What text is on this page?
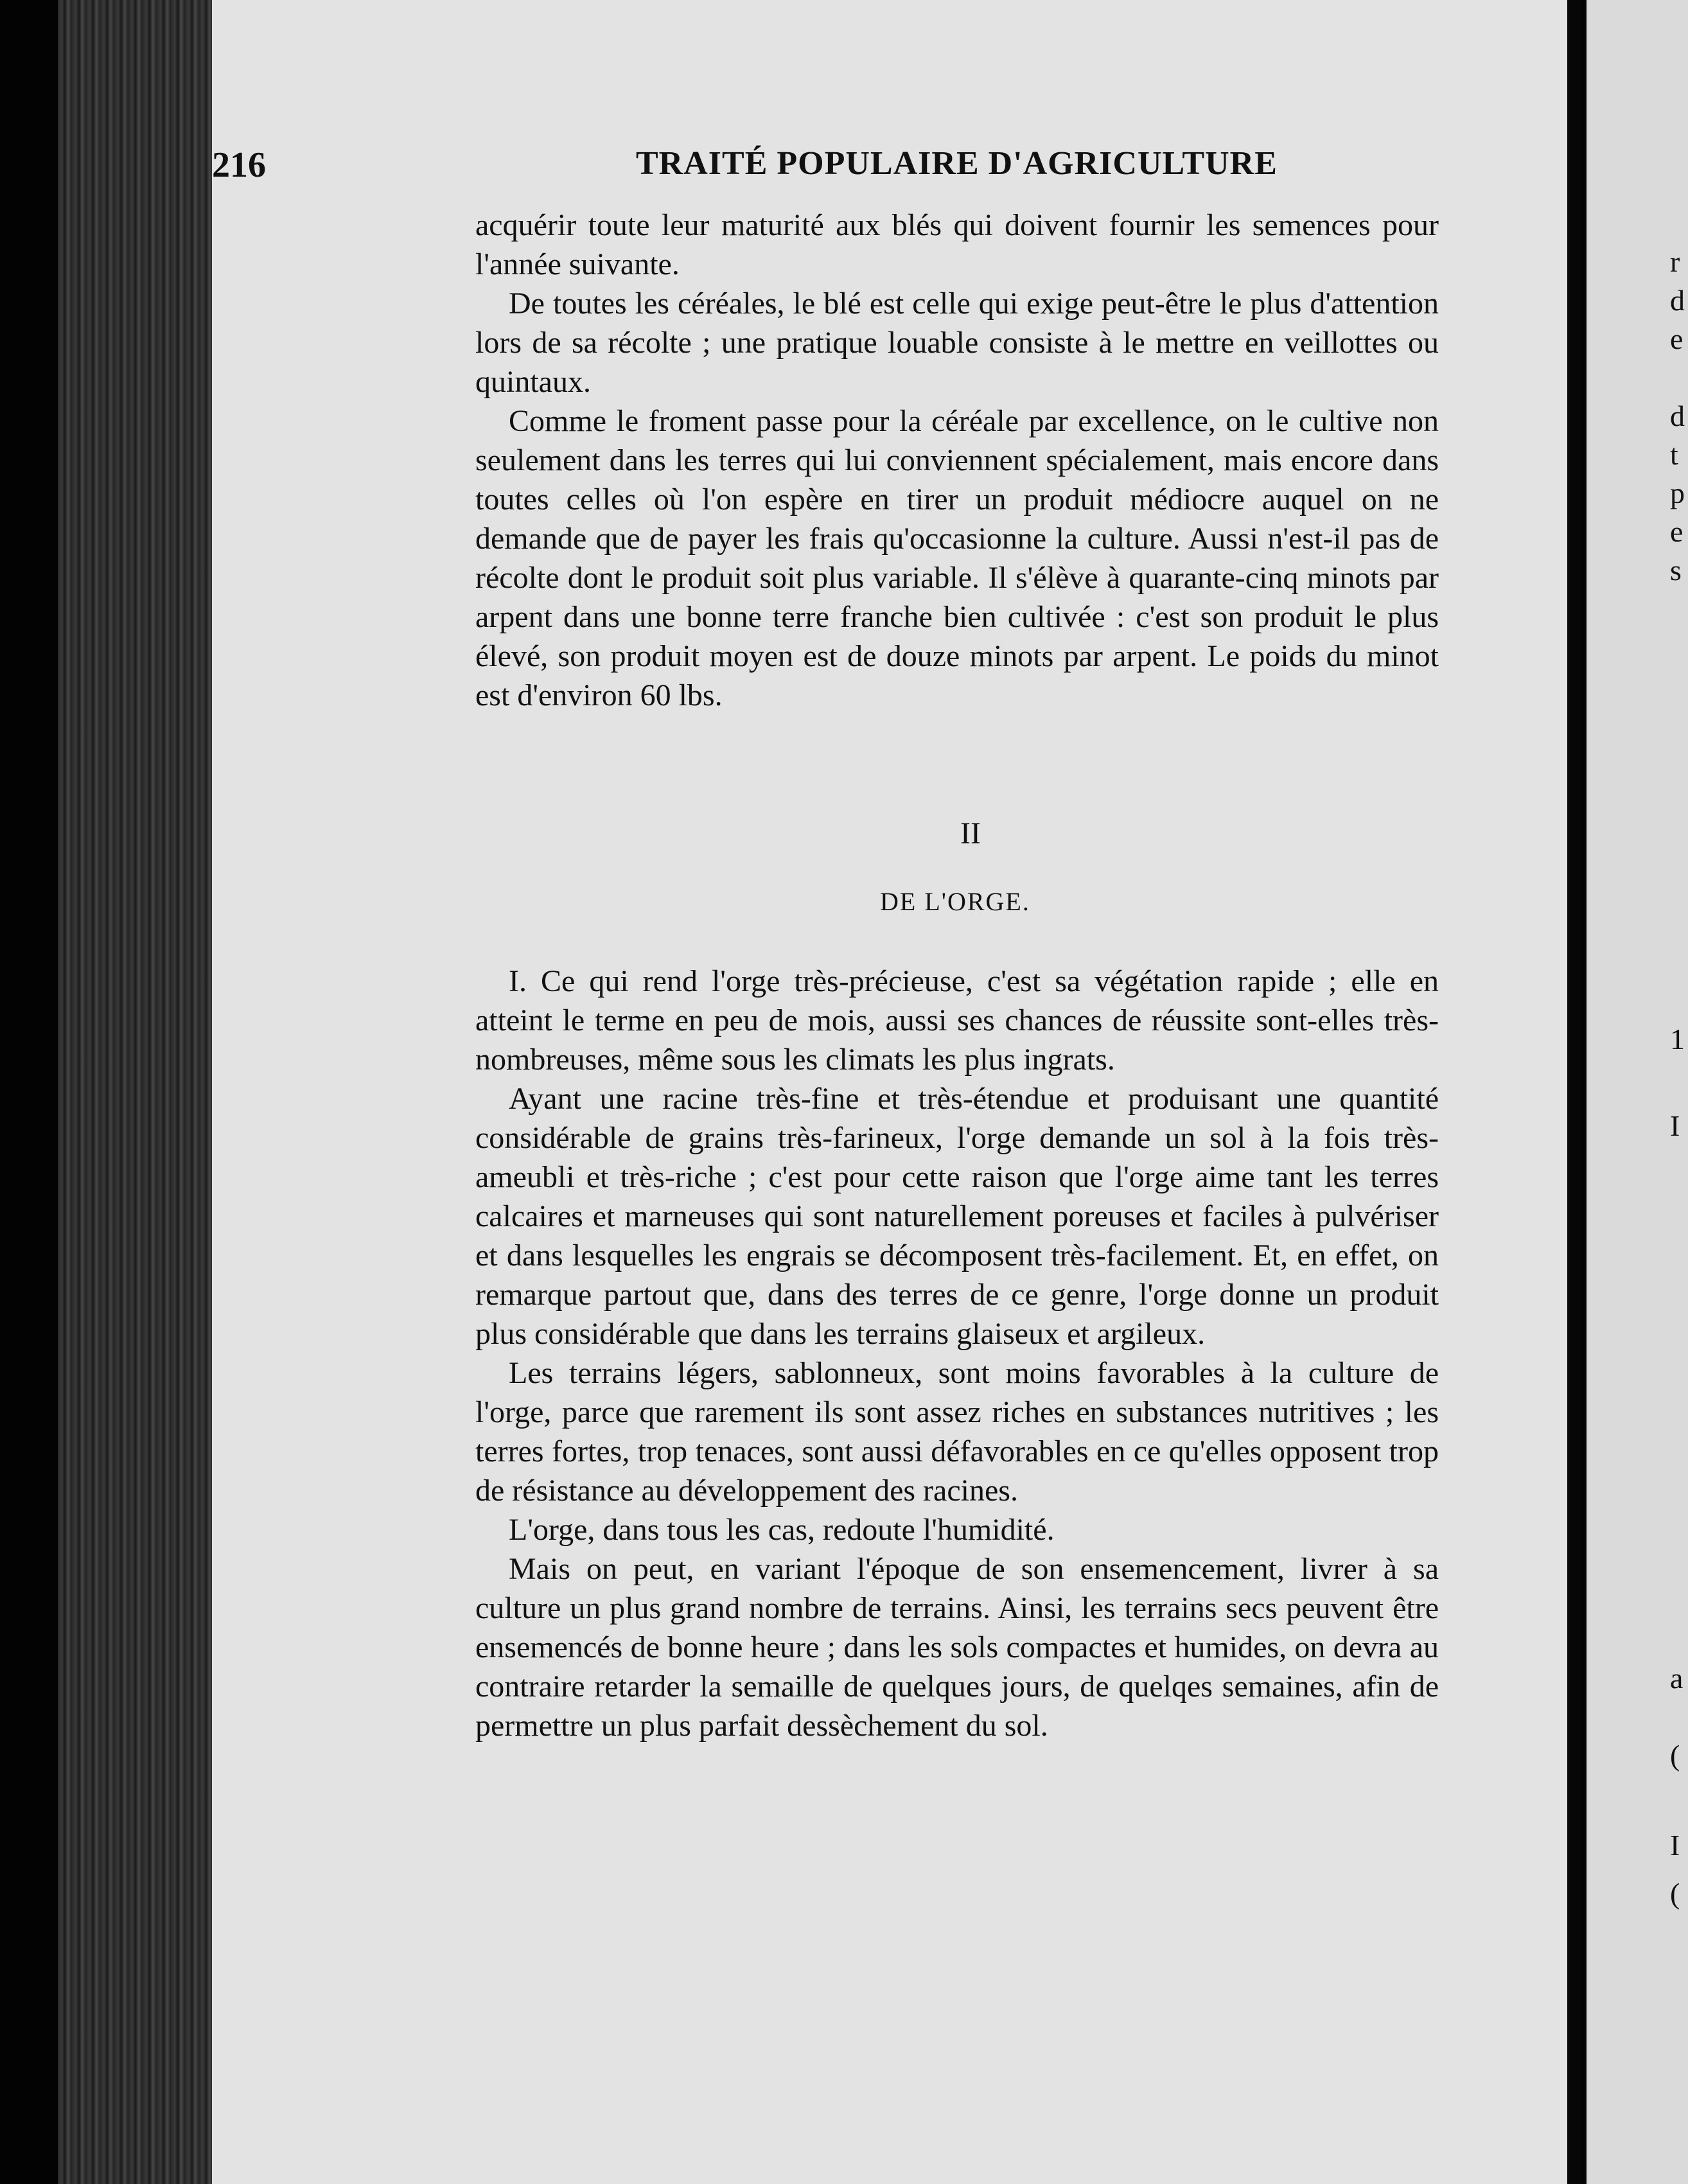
r
d
e
d
t
p
e
s
1
I
a
(
I
(
216	TRAITÉ POPULAIRE D'AGRICULTURE

acquérir toute leur maturité aux blés qui doivent fournir les semences pour l'année suivante.

De toutes les céréales, le blé est celle qui exige peut-être le plus d'attention lors de sa récolte ; une pratique louable consiste à le mettre en veillottes ou quintaux.

Comme le froment passe pour la céréale par excellence, on le cultive non seulement dans les terres qui lui conviennent spécialement, mais encore dans toutes celles où l'on espère en tirer un produit médiocre auquel on ne demande que de payer les frais qu'occasionne la culture. Aussi n'est-il pas de récolte dont le produit soit plus variable. Il s'élève à quarante-cinq minots par arpent dans une bonne terre franche bien cultivée : c'est son produit le plus élevé, son produit moyen est de douze minots par arpent. Le poids du minot est d'environ 60 lbs.

II
DE L'ORGE.

I. Ce qui rend l'orge très-précieuse, c'est sa végétation rapide ; elle en atteint le terme en peu de mois, aussi ses chances de réussite sont-elles très-nombreuses, même sous les climats les plus ingrats.

Ayant une racine très-fine et très-étendue et produisant une quantité considérable de grains très-farineux, l'orge demande un sol à la fois très-ameubli et très-riche ; c'est pour cette raison que l'orge aime tant les terres calcaires et marneuses qui sont naturellement poreuses et faciles à pulvériser et dans lesquelles les engrais se décomposent très-facilement. Et, en effet, on remarque partout que, dans des terres de ce genre, l'orge donne un produit plus considérable que dans les terrains glaiseux et argileux.

Les terrains légers, sablonneux, sont moins favorables à la culture de l'orge, parce que rarement ils sont assez riches en substances nutritives ; les terres fortes, trop tenaces, sont aussi défavorables en ce qu'elles opposent trop de résistance au développement des racines.

L'orge, dans tous les cas, redoute l'humidité.

Mais on peut, en variant l'époque de son ensemencement, livrer à sa culture un plus grand nombre de terrains. Ainsi, les terrains secs peuvent être ensemencés de bonne heure ; dans les sols compactes et humides, on devra au contraire retarder la semaille de quelques jours, de quelqes semaines, afin de permettre un plus parfait dessèchement du sol.
